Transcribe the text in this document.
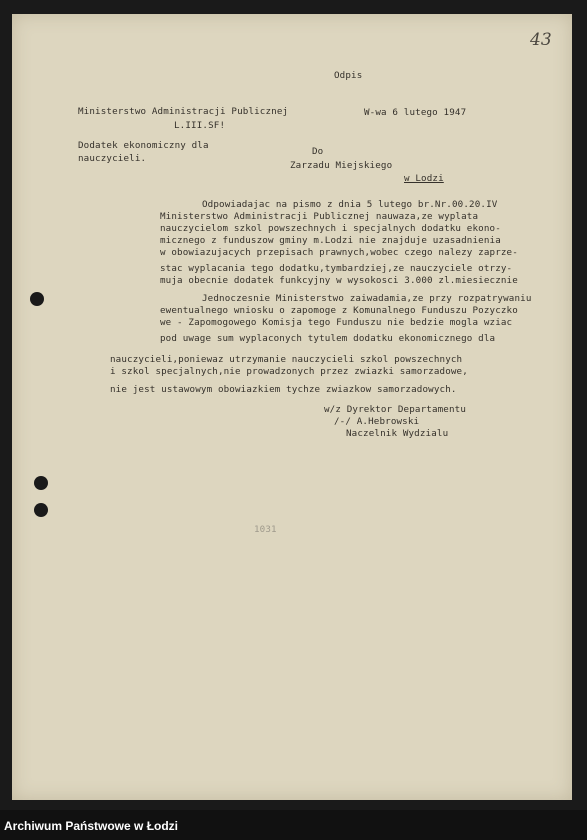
43
Odpis
Ministerstwo Administracji Publicznej
L.III.SF!
W-wa 6 lutego 1947
Dodatek ekonomiczny dla
nauczycieli.
Do
Zarzadu Miejskiego
w Lodzi
Odpowiadajac na pismo z dnia 5 lutego br.Nr.00.20.IV
Ministerstwo Administracji Publicznej nauwaza,ze wyplata
nauczycielom szkol powszechnych i specjalnych dodatku ekono-
micznego z funduszow gminy m.Lodzi nie znajduje uzasadnienia
w obowiazujacych przepisach prawnych,wobec czego nalezy zaprze-
stac wyplacania tego dodatku,tymbardziej,ze nauczyciele otrzy-
muja obecnie dodatek funkcyjny w wysokosci 3.000 zl.miesiecznie
Jednoczesnie Ministerstwo zaiwadamia,ze przy rozpatrywaniu
ewentualnego wniosku o zapomoge z Komunalnego Funduszu Pozyczko
we - Zapomogowego Komisja tego Funduszu nie bedzie mogla wziac
pod uwage sum wyplaconych tytulem dodatku ekonomicznego dla
nauczycieli,poniewaz utrzymanie nauczycieli szkol powszechnych
i szkol specjalnych,nie prowadzonych przez zwiazki samorzadowe,
nie jest ustawowym obowiazkiem tychze zwiazkow samorzadowych.
w/z Dyrektor Departamentu
/-/ A.Hebrowski
Naczelnik Wydzialu
1031
Archiwum Państwowe w Łodzi
